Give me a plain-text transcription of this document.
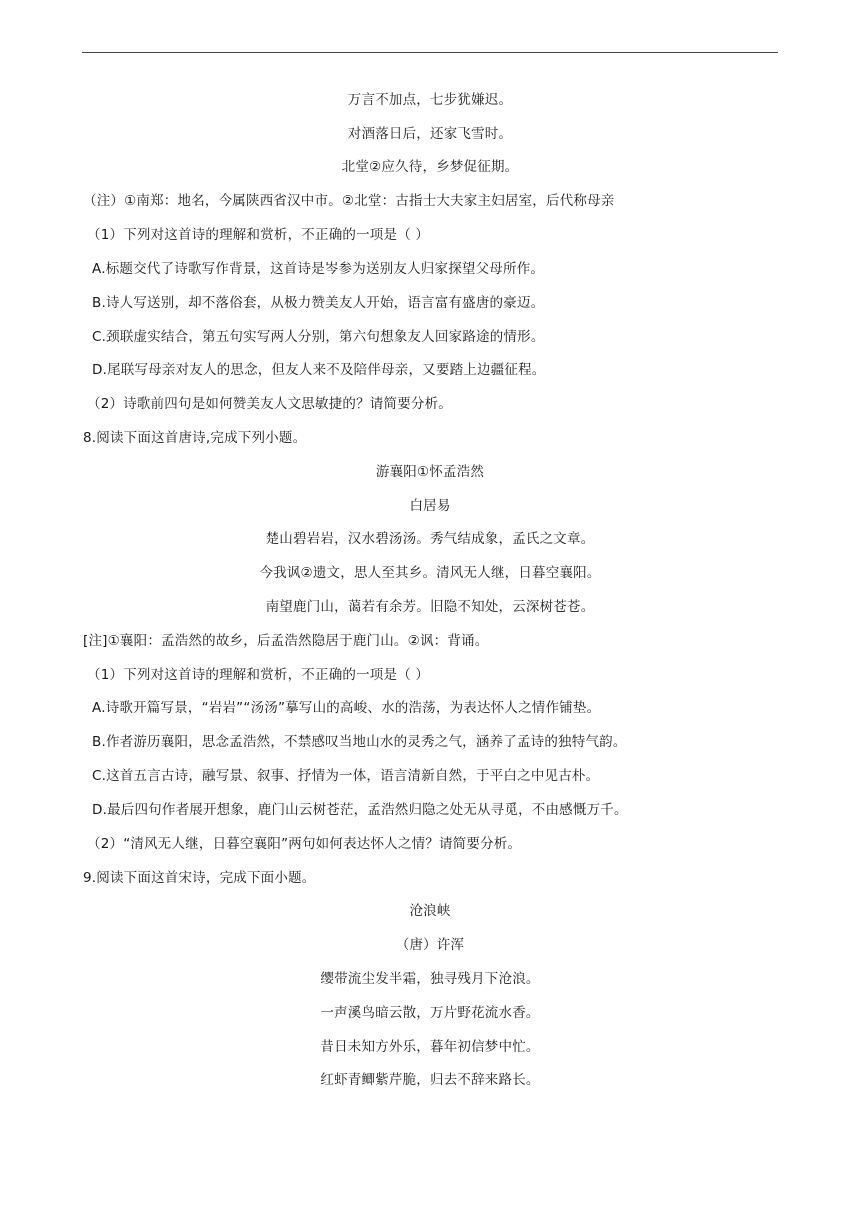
万言不加点，七步犹嫌迟。
对酒落日后，还家飞雪时。
北堂②应久待，乡梦促征期。
（注）①南郑：地名，今属陕西省汉中市。②北堂：古指士大夫家主妇居室，后代称母亲
（1）下列对这首诗的理解和赏析，不正确的一项是（ ）
A.标题交代了诗歌写作背景，这首诗是岑参为送别友人归家探望父母所作。
B.诗人写送别，却不落俗套，从极力赞美友人开始，语言富有盛唐的豪迈。
C.颈联虚实结合，第五句实写两人分别，第六句想象友人回家路途的情形。
D.尾联写母亲对友人的思念，但友人来不及陪伴母亲，又要踏上边疆征程。
（2）诗歌前四句是如何赞美友人文思敏捷的？请简要分析。
8.阅读下面这首唐诗,完成下列小题。
游襄阳①怀孟浩然
白居易
楚山碧岩岩，汉水碧汤汤。秀气结成象，孟氏之文章。
今我讽②遗文，思人至其乡。清风无人继，日暮空襄阳。
南望鹿门山，蔼若有余芳。旧隐不知处，云深树苍苍。
[注]①襄阳：孟浩然的故乡，后孟浩然隐居于鹿门山。②讽：背诵。
（1）下列对这首诗的理解和赏析，不正确的一项是（ ）
A.诗歌开篇写景，“岩岩”“汤汤”摹写山的高峻、水的浩荡，为表达怀人之情作铺垫。
B.作者游历襄阳，思念孟浩然，不禁感叹当地山水的灵秀之气，涵养了孟诗的独特气韵。
C.这首五言古诗，融写景、叙事、抒情为一体，语言清新自然，于平白之中见古朴。
D.最后四句作者展开想象，鹿门山云树苍茫，孟浩然归隐之处无从寻觅，不由感慨万千。
（2）“清风无人继，日暮空襄阳”两句如何表达怀人之情？请简要分析。
9.阅读下面这首宋诗，完成下面小题。
沧浪峡
（唐）许浑
缨带流尘发半霜，独寻残月下沧浪。
一声溪鸟暗云散，万片野花流水香。
昔日未知方外乐，暮年初信梦中忙。
红虾青鲫紫芹脆，归去不辞来路长。
